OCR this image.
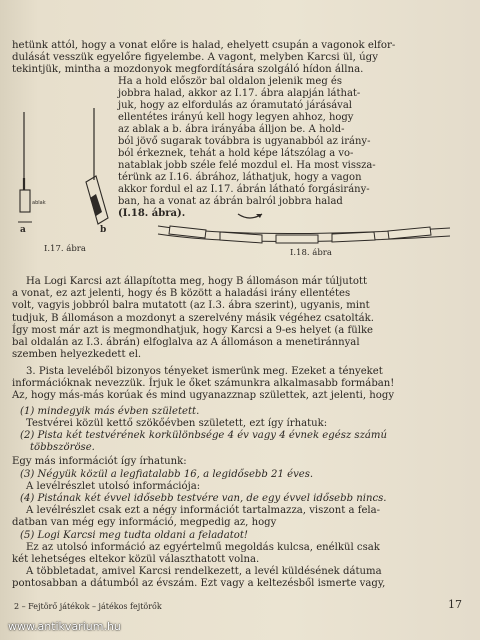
hetünk attól, hogy a vonat előre is halad, ehelyett csupán a vagonok elfor-

dulását vesszük egyelőre figyelembe. A vagont, melyben Karcsi ül, úgy

tekintjük, mintha a mozdonyok megfordítására szolgáló hídon állna.

Ha a hold először bal oldalon jelenik meg és

jobbra halad, akkor az I.17. ábra alapján láthat-

juk, hogy az elfordulás az óramutató járásával

ellentétes irányú kell hogy legyen ahhoz, hogy

az ablak a b. ábra irányába álljon be. A hold-

ból jövő sugarak továbbra is ugyanabból az irány-

ból érkeznek, tehát a hold képe látszólag a vo-

natablak jobb széle felé mozdul el. Ha most vissza-

térünk az I.16. ábrához, láthatjuk, hogy a vagon

akkor fordul el az I.17. ábrán látható forgásirány-

ban, ha a vonat az ábrán balról jobbra halad

(I.18. ábra).

ablak
a	b
I.17. ábra	I.18. ábra

Ha Logi Karcsi azt állapította meg, hogy B állomáson már túljutott

a vonat, ez azt jelenti, hogy és B között a haladási irány ellentétes

volt, vagyis jobbról balra mutatott (az I.3. ábra szerint), ugyanis, mint

tudjuk, B állomáson a mozdonyt a szerelvény másik végéhez csatolták.

Így most már azt is megmondhatjuk, hogy Karcsi a 9-es helyet (a fülke

bal oldalán az I.3. ábrán) elfoglalva az A állomáson a menetiránnyal

szemben helyezkedett el.

3. Pista leveléből bizonyos tényeket ismerünk meg. Ezeket a tényeket

információknak nevezzük. Írjuk le őket számunkra alkalmasabb formában!

Az, hogy más-más korúak és mind ugyanazznap születtek, azt jelenti, hogy

(1) mindegyik más évben született.

Testvérei közül kettő szökőévben született, ezt így írhatuk:

(2) Pista két testvérének korkülönbsége 4 év vagy 4 évnek egész számú

többszöröse.

Egy más információt így írhatunk:

(3) Négyük közül a legfiatalabb 16, a legidősebb 21 éves.

A levélrészlet utolsó információja:

(4) Pistának két évvel idősebb testvére van, de egy évvel idősebb nincs.

A levélrészlet csak ezt a négy információt tartalmazza, viszont a fela-

datban van még egy információ, megpedig az, hogy

(5) Logi Karcsi meg tudta oldani a feladatot!

Ez az utolsó információ az egyértelmű megoldás kulcsa, enélkül csak

két lehetséges eltekor közül választhatott volna.

A többletadat, amivel Karcsi rendelkezett, a levél küldésének dátuma

pontosabban a dátumból az évszám. Ezt vagy a keltezésből ismerte vagy,

2 – Fejtörő játékok – játékos fejtörők	17
www.antikvarium.hu
